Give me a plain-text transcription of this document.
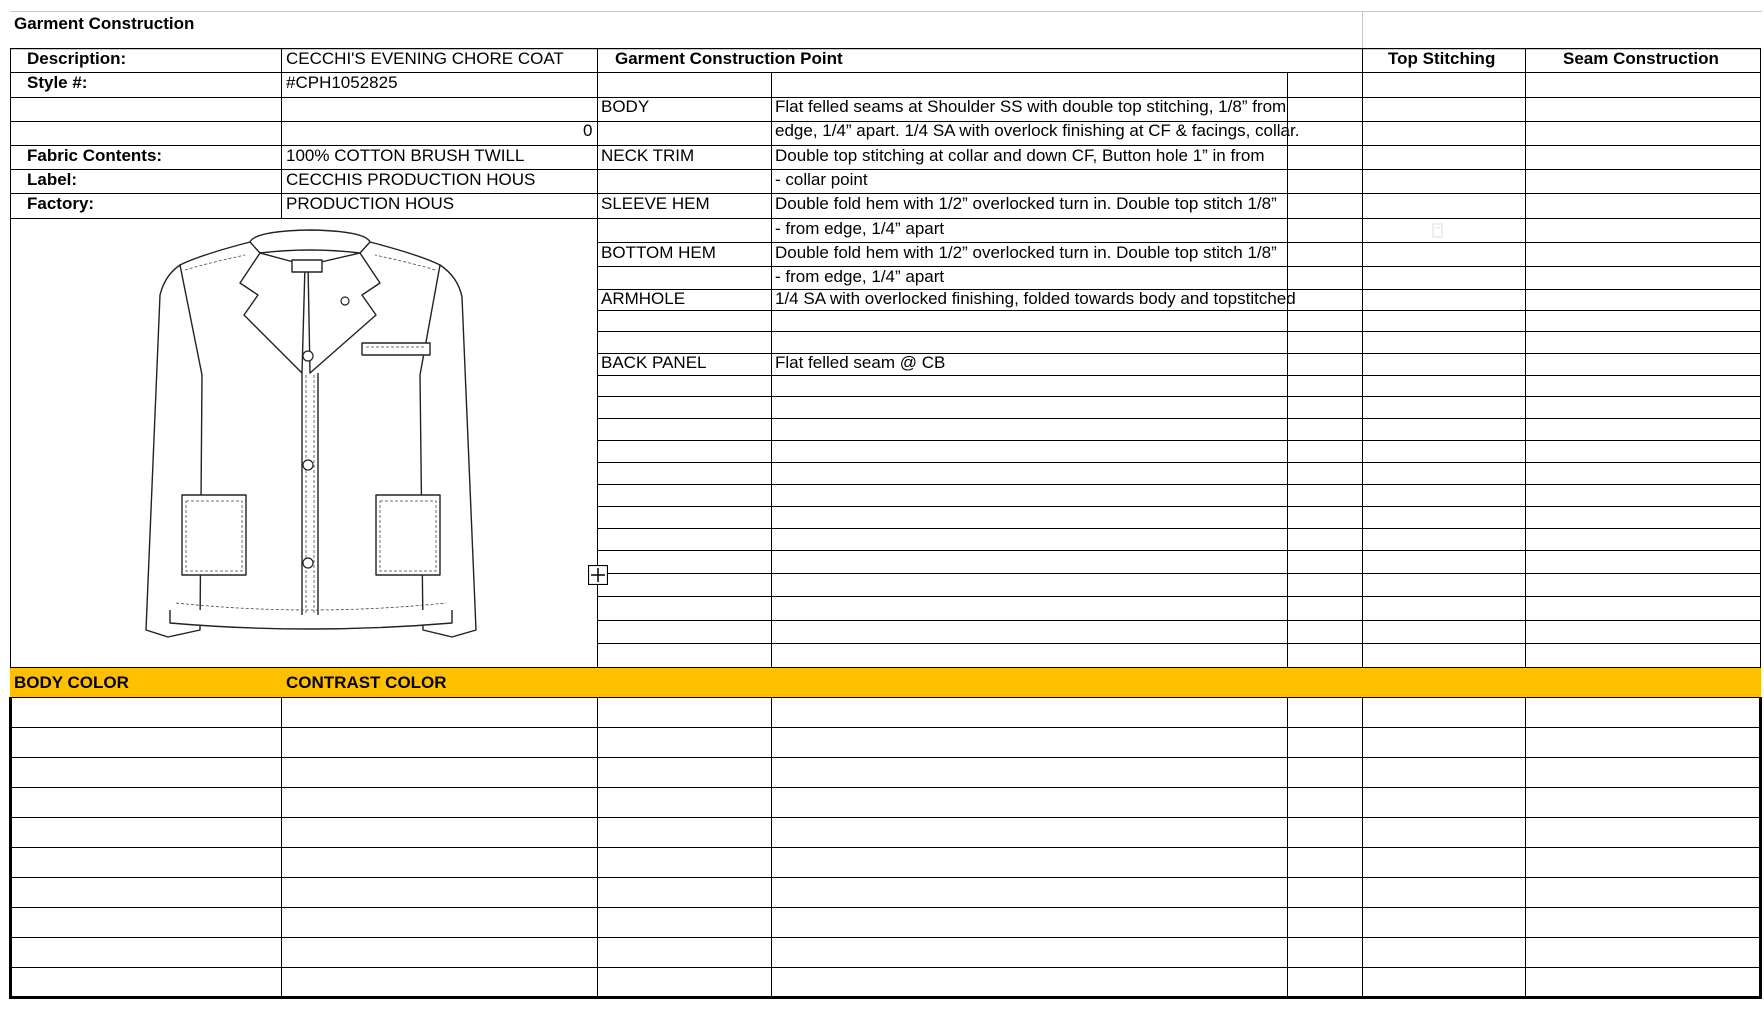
Garment Construction
Description:	CECCHI'S EVENING CHORE COAT	Garment Construction Point	Top Stitching	Seam Construction
Style #:	#CPH1052825
0
Fabric Contents:	100% COTTON BRUSH TWILL
Label:	CECCHIS PRODUCTION HOUS
Factory:	PRODUCTION HOUS
BODY	Flat felled seams at Shoulder SS with double top stitching, 1/8” from
edge, 1/4” apart. 1/4 SA with overlock finishing at CF & facings, collar.
NECK TRIM	Double top stitching at collar and down CF, Button hole 1” in from
- collar point
SLEEVE HEM	Double fold hem with 1/2” overlocked turn in. Double top stitch 1/8”
- from edge, 1/4” apart
BOTTOM HEM	Double fold hem with 1/2” overlocked turn in. Double top stitch 1/8”
- from edge, 1/4” apart
ARMHOLE	1/4 SA with overlocked finishing, folded towards body and topstitched
BACK PANEL	Flat felled seam @ CB
BODY COLOR	CONTRAST COLOR
